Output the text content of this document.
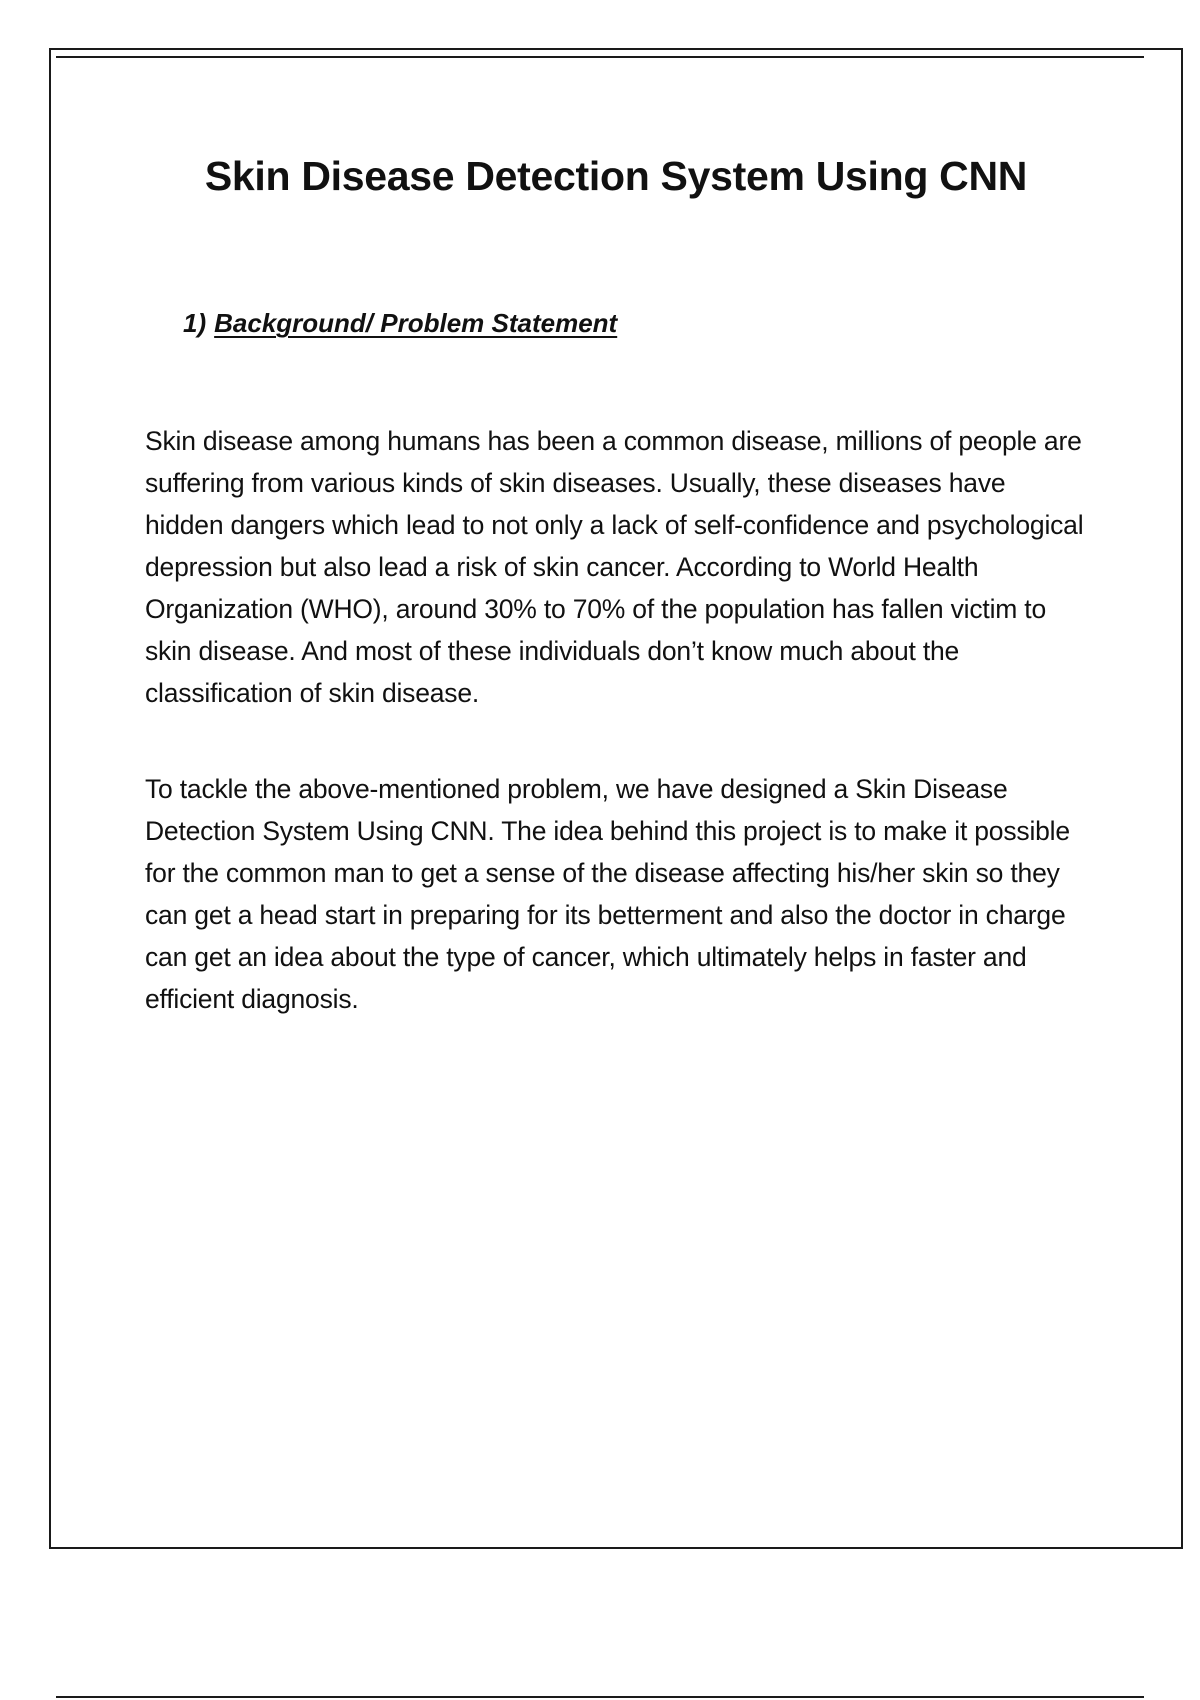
Skin Disease Detection System Using CNN
1) Background/ Problem Statement

Skin disease among humans has been a common disease, millions of people are suffering from various kinds of skin diseases. Usually, these diseases have hidden dangers which lead to not only a lack of self-confidence and psychological depression but also lead a risk of skin cancer. According to World Health Organization (WHO), around 30% to 70% of the population has fallen victim to skin disease. And most of these individuals don’t know much about the classification of skin disease.

To tackle the above-mentioned problem, we have designed a Skin Disease Detection System Using CNN. The idea behind this project is to make it possible for the common man to get a sense of the disease affecting his/her skin so they can get a head start in preparing for its betterment and also the doctor in charge can get an idea about the type of cancer, which ultimately helps in faster and efficient diagnosis.
